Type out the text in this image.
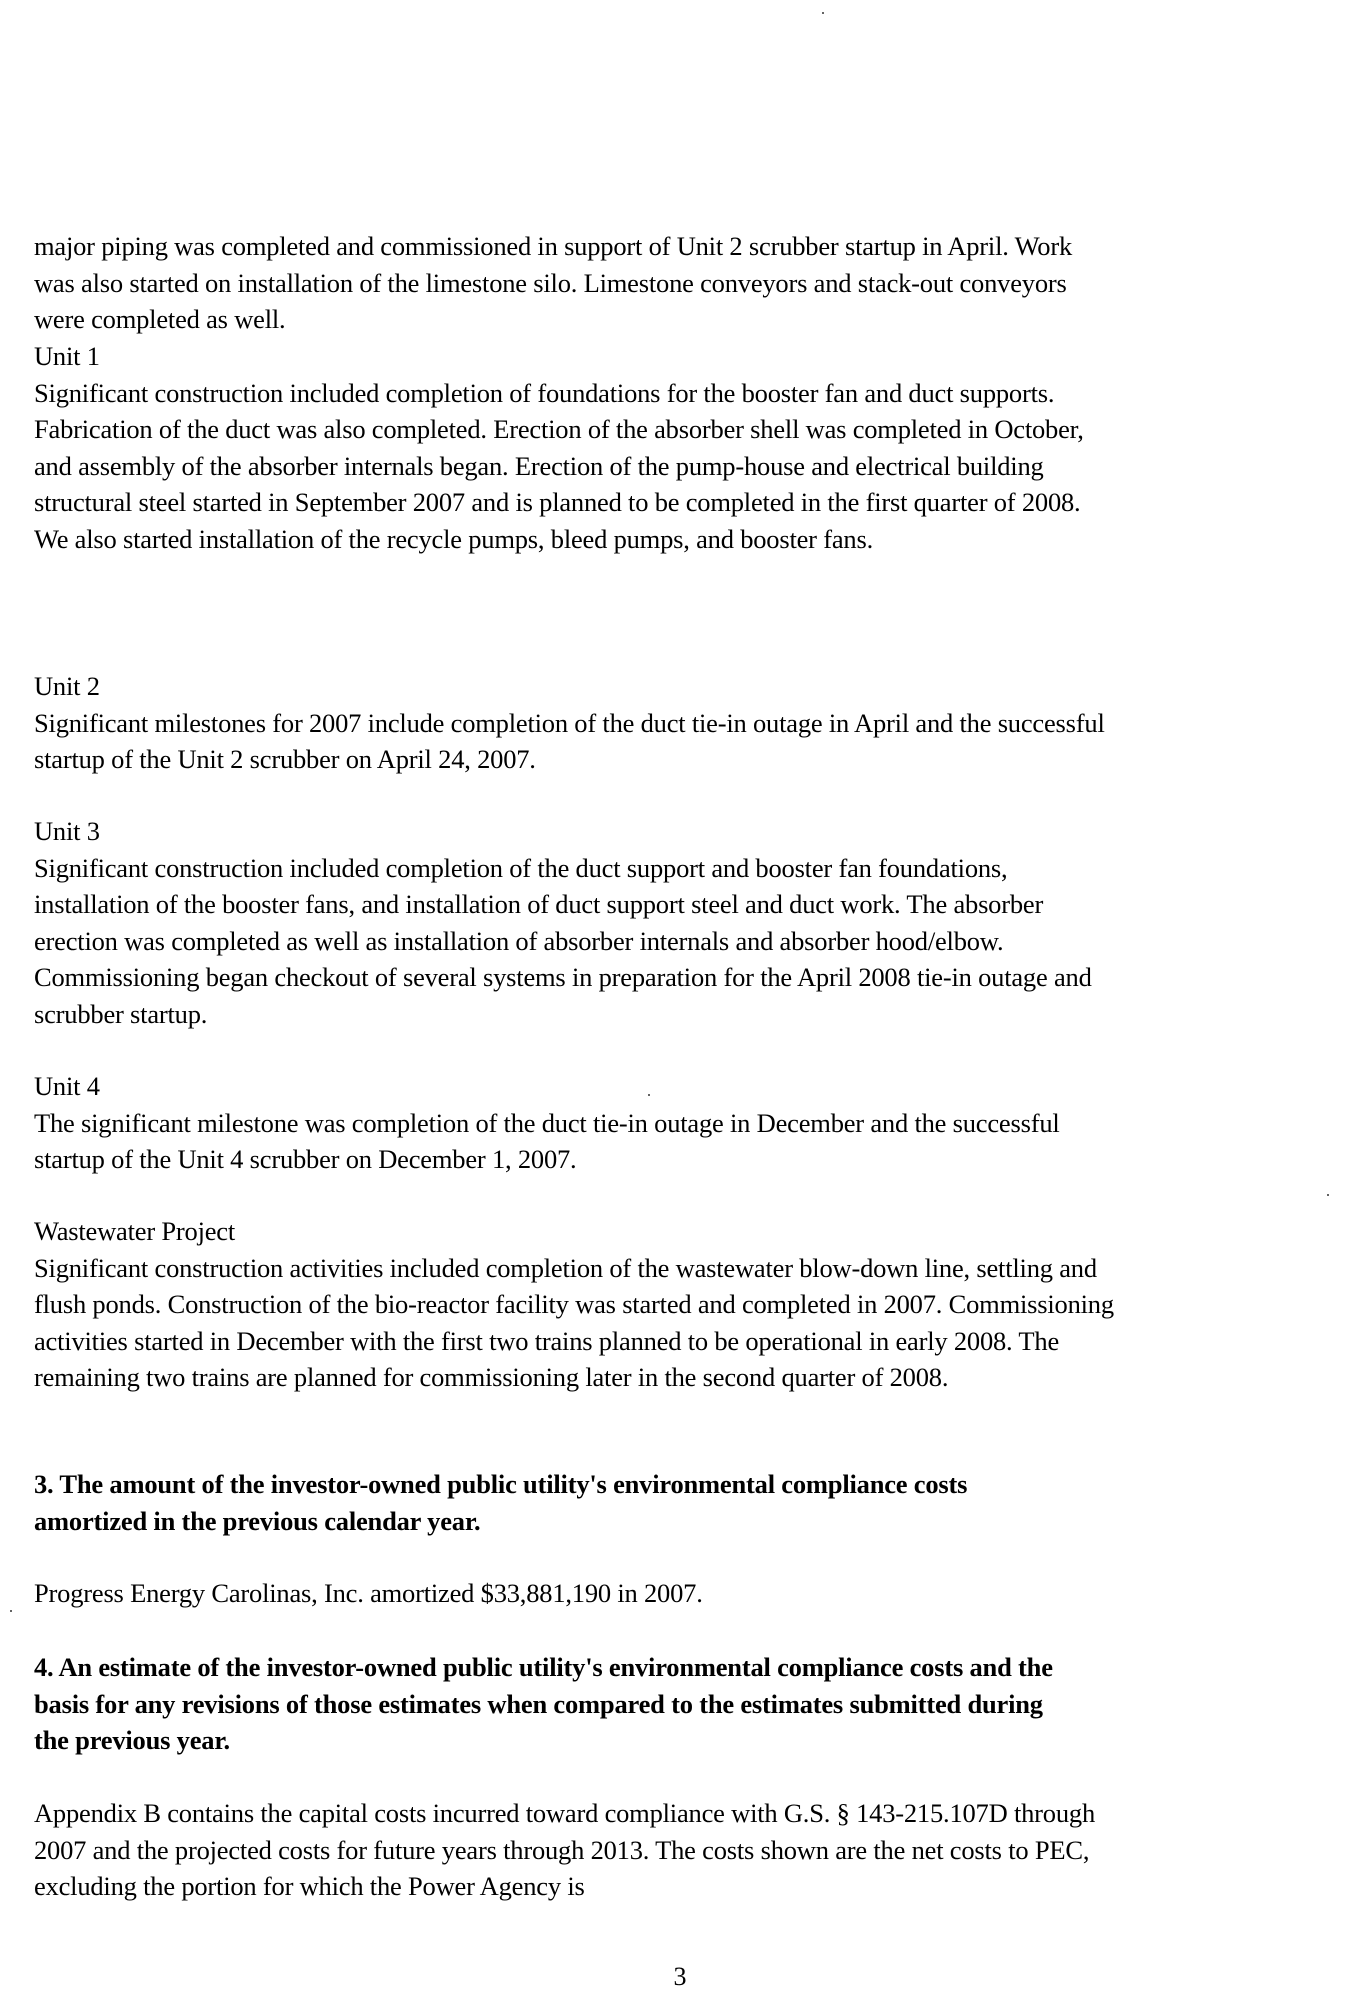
major piping was completed and commissioned in support of Unit 2 scrubber startup in April. Work was also started on installation of the limestone silo. Limestone conveyors and stack-out conveyors were completed as well.

Unit 1
Significant construction included completion of foundations for the booster fan and duct supports. Fabrication of the duct was also completed. Erection of the absorber shell was completed in October, and assembly of the absorber internals began. Erection of the pump-house and electrical building structural steel started in September 2007 and is planned to be completed in the first quarter of 2008. We also started installation of the recycle pumps, bleed pumps, and booster fans.
Unit 2
Significant milestones for 2007 include completion of the duct tie-in outage in April and the successful startup of the Unit 2 scrubber on April 24, 2007.
Unit 3
Significant construction included completion of the duct support and booster fan foundations, installation of the booster fans, and installation of duct support steel and duct work. The absorber erection was completed as well as installation of absorber internals and absorber hood/elbow. Commissioning began checkout of several systems in preparation for the April 2008 tie-in outage and scrubber startup.
Unit 4
The significant milestone was completion of the duct tie-in outage in December and the successful startup of the Unit 4 scrubber on December 1, 2007.
Wastewater Project
Significant construction activities included completion of the wastewater blow-down line, settling and flush ponds. Construction of the bio-reactor facility was started and completed in 2007. Commissioning activities started in December with the first two trains planned to be operational in early 2008. The remaining two trains are planned for commissioning later in the second quarter of 2008.

3. The amount of the investor-owned public utility's environmental compliance costs amortized in the previous calendar year.

Progress Energy Carolinas, Inc. amortized $33,881,190 in 2007.

4. An estimate of the investor-owned public utility's environmental compliance costs and the basis for any revisions of those estimates when compared to the estimates submitted during the previous year.

Appendix B contains the capital costs incurred toward compliance with G.S. § 143-215.107D through 2007 and the projected costs for future years through 2013. The costs shown are the net costs to PEC, excluding the portion for which the Power Agency is

3
